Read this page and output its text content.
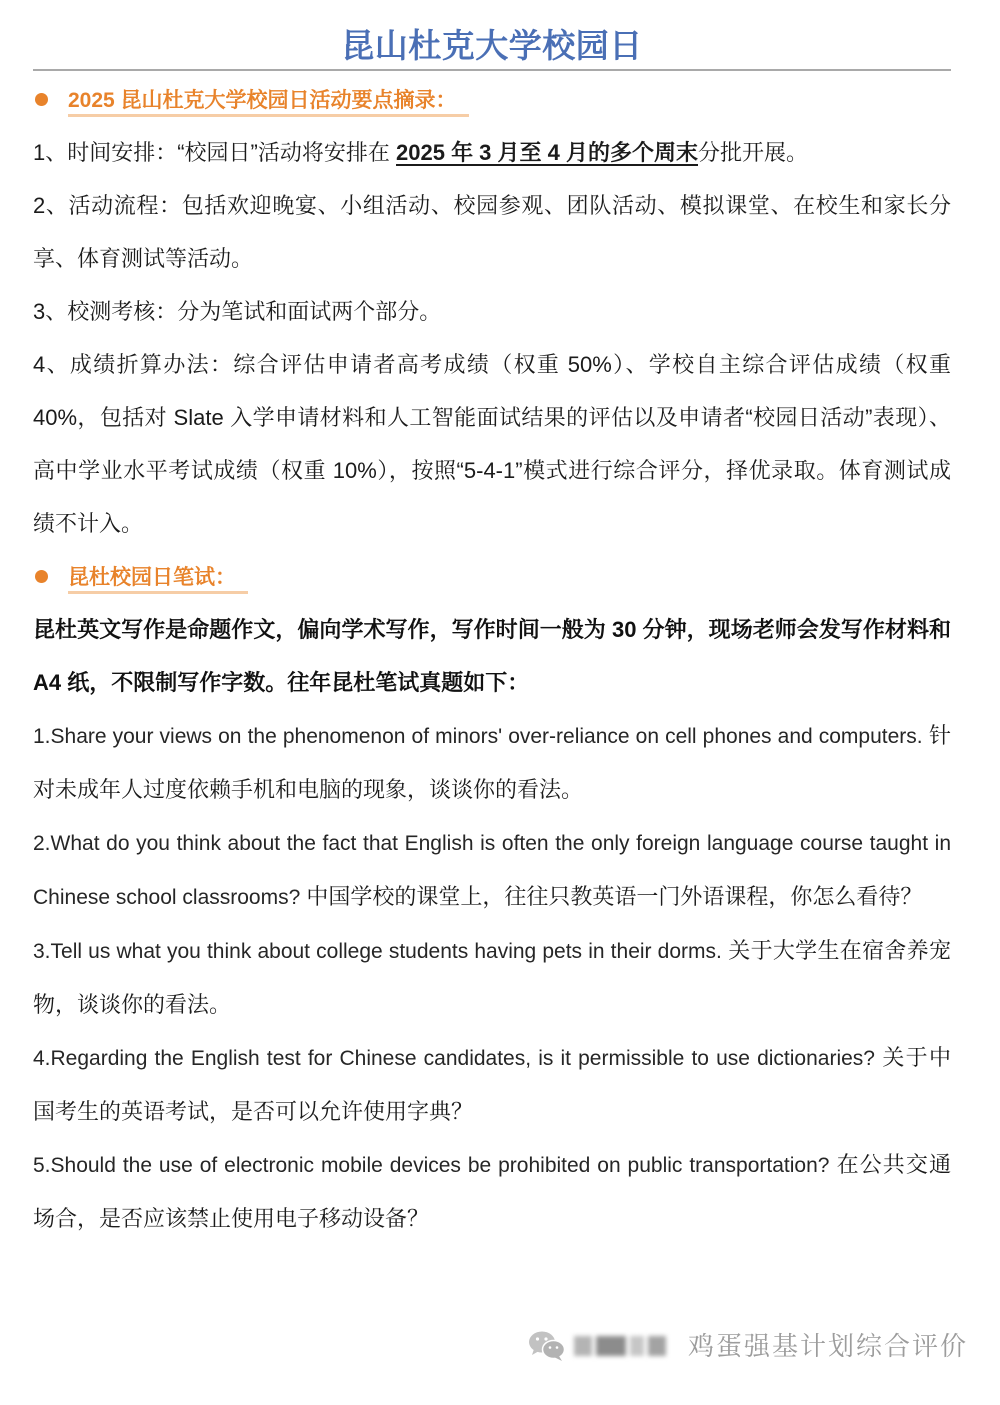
昆山杜克大学校园日
2025 昆山杜克大学校园日活动要点摘录：

1、时间安排：“校园日”活动将安排在 2025 年 3 月至 4 月的多个周末分批开展。

2、活动流程：包括欢迎晚宴、小组活动、校园参观、团队活动、模拟课堂、在校生和家长分享、体育测试等活动。

3、校测考核：分为笔试和面试两个部分。

4、成绩折算办法：综合评估申请者高考成绩（权重 50%）、学校自主综合评估成绩（权重 40%，包括对 Slate 入学申请材料和人工智能面试结果的评估以及申请者“校园日活动”表现）、高中学业水平考试成绩（权重 10%），按照“5-4-1”模式进行综合评分，择优录取。体育测试成绩不计入。

昆杜校园日笔试：

昆杜英文写作是命题作文，偏向学术写作，写作时间一般为 30 分钟，现场老师会发写作材料和 A4 纸，不限制写作字数。往年昆杜笔试真题如下：

1.Share your views on the phenomenon of minors' over-reliance on cell phones and computers. 针对未成年人过度依赖手机和电脑的现象，谈谈你的看法。

2.What do you think about the fact that English is often the only foreign language course taught in Chinese school classrooms? 中国学校的课堂上，往往只教英语一门外语课程，你怎么看待？

3.Tell us what you think about college students having pets in their dorms. 关于大学生在宿舍养宠物，谈谈你的看法。

4.Regarding the English test for Chinese candidates, is it permissible to use dictionaries? 关于中国考生的英语考试，是否可以允许使用字典？

5.Should the use of electronic mobile devices be prohibited on public transportation? 在公共交通场合，是否应该禁止使用电子移动设备？

鸡蛋强基计划综合评价
